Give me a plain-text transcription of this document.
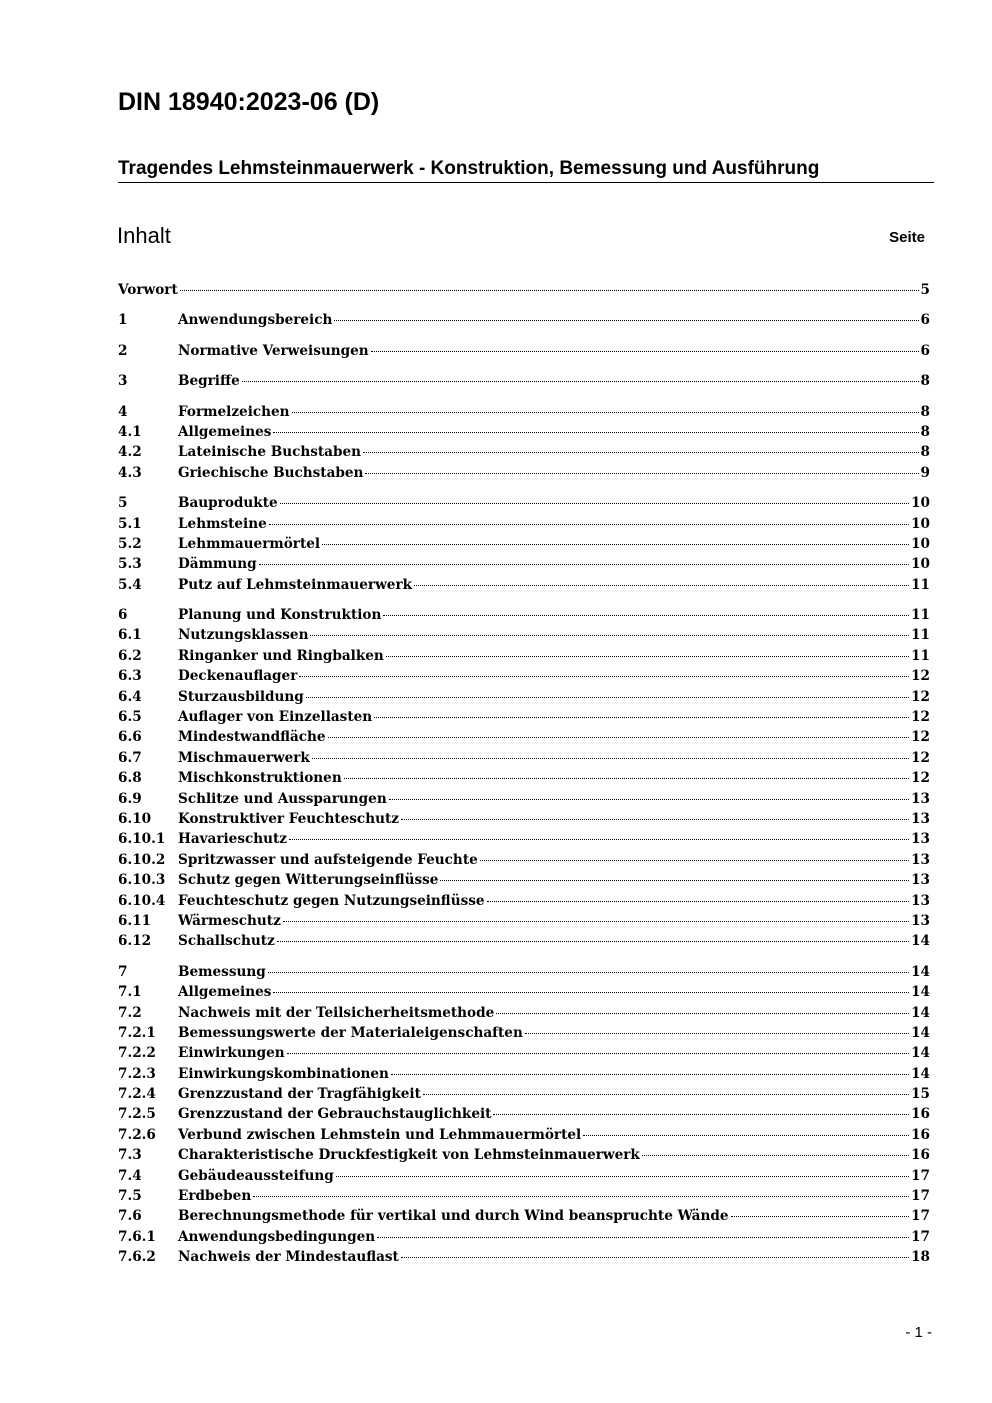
DIN 18940:2023-06 (D)
Tragendes Lehmsteinmauerwerk - Konstruktion, Bemessung und Ausführung
Inhalt	Seite
Vorwort	5
1	Anwendungsbereich	6
2	Normative Verweisungen	6
3	Begriffe	8
4	Formelzeichen	8
4.1	Allgemeines	8
4.2	Lateinische Buchstaben	8
4.3	Griechische Buchstaben	9
5	Bauprodukte	10
5.1	Lehmsteine	10
5.2	Lehmmauermörtel	10
5.3	Dämmung	10
5.4	Putz auf Lehmsteinmauerwerk	11
6	Planung und Konstruktion	11
6.1	Nutzungsklassen	11
6.2	Ringanker und Ringbalken	11
6.3	Deckenauflager	12
6.4	Sturzausbildung	12
6.5	Auflager von Einzellasten	12
6.6	Mindestwandfläche	12
6.7	Mischmauerwerk	12
6.8	Mischkonstruktionen	12
6.9	Schlitze und Aussparungen	13
6.10	Konstruktiver Feuchteschutz	13
6.10.1 Havarieschutz	13
6.10.2 Spritzwasser und aufsteigende Feuchte	13
6.10.3 Schutz gegen Witterungseinflüsse	13
6.10.4 Feuchteschutz gegen Nutzungseinflüsse	13
6.11	Wärmeschutz	13
6.12	Schallschutz	14
7	Bemessung	14
7.1	Allgemeines	14
7.2	Nachweis mit der Teilsicherheitsmethode	14
7.2.1	Bemessungswerte der Materialeigenschaften	14
7.2.2	Einwirkungen	14
7.2.3	Einwirkungskombinationen	14
7.2.4	Grenzzustand der Tragfähigkeit	15
7.2.5	Grenzzustand der Gebrauchstauglichkeit	16
7.2.6	Verbund zwischen Lehmstein und Lehmmauermörtel	16
7.3	Charakteristische Druckfestigkeit von Lehmsteinmauerwerk	16
7.4	Gebäudeaussteifung	17
7.5	Erdbeben	17
7.6	Berechnungsmethode für vertikal und durch Wind beanspruchte Wände	17
7.6.1	Anwendungsbedingungen	17
7.6.2	Nachweis der Mindestauflast	18
- 1 -
